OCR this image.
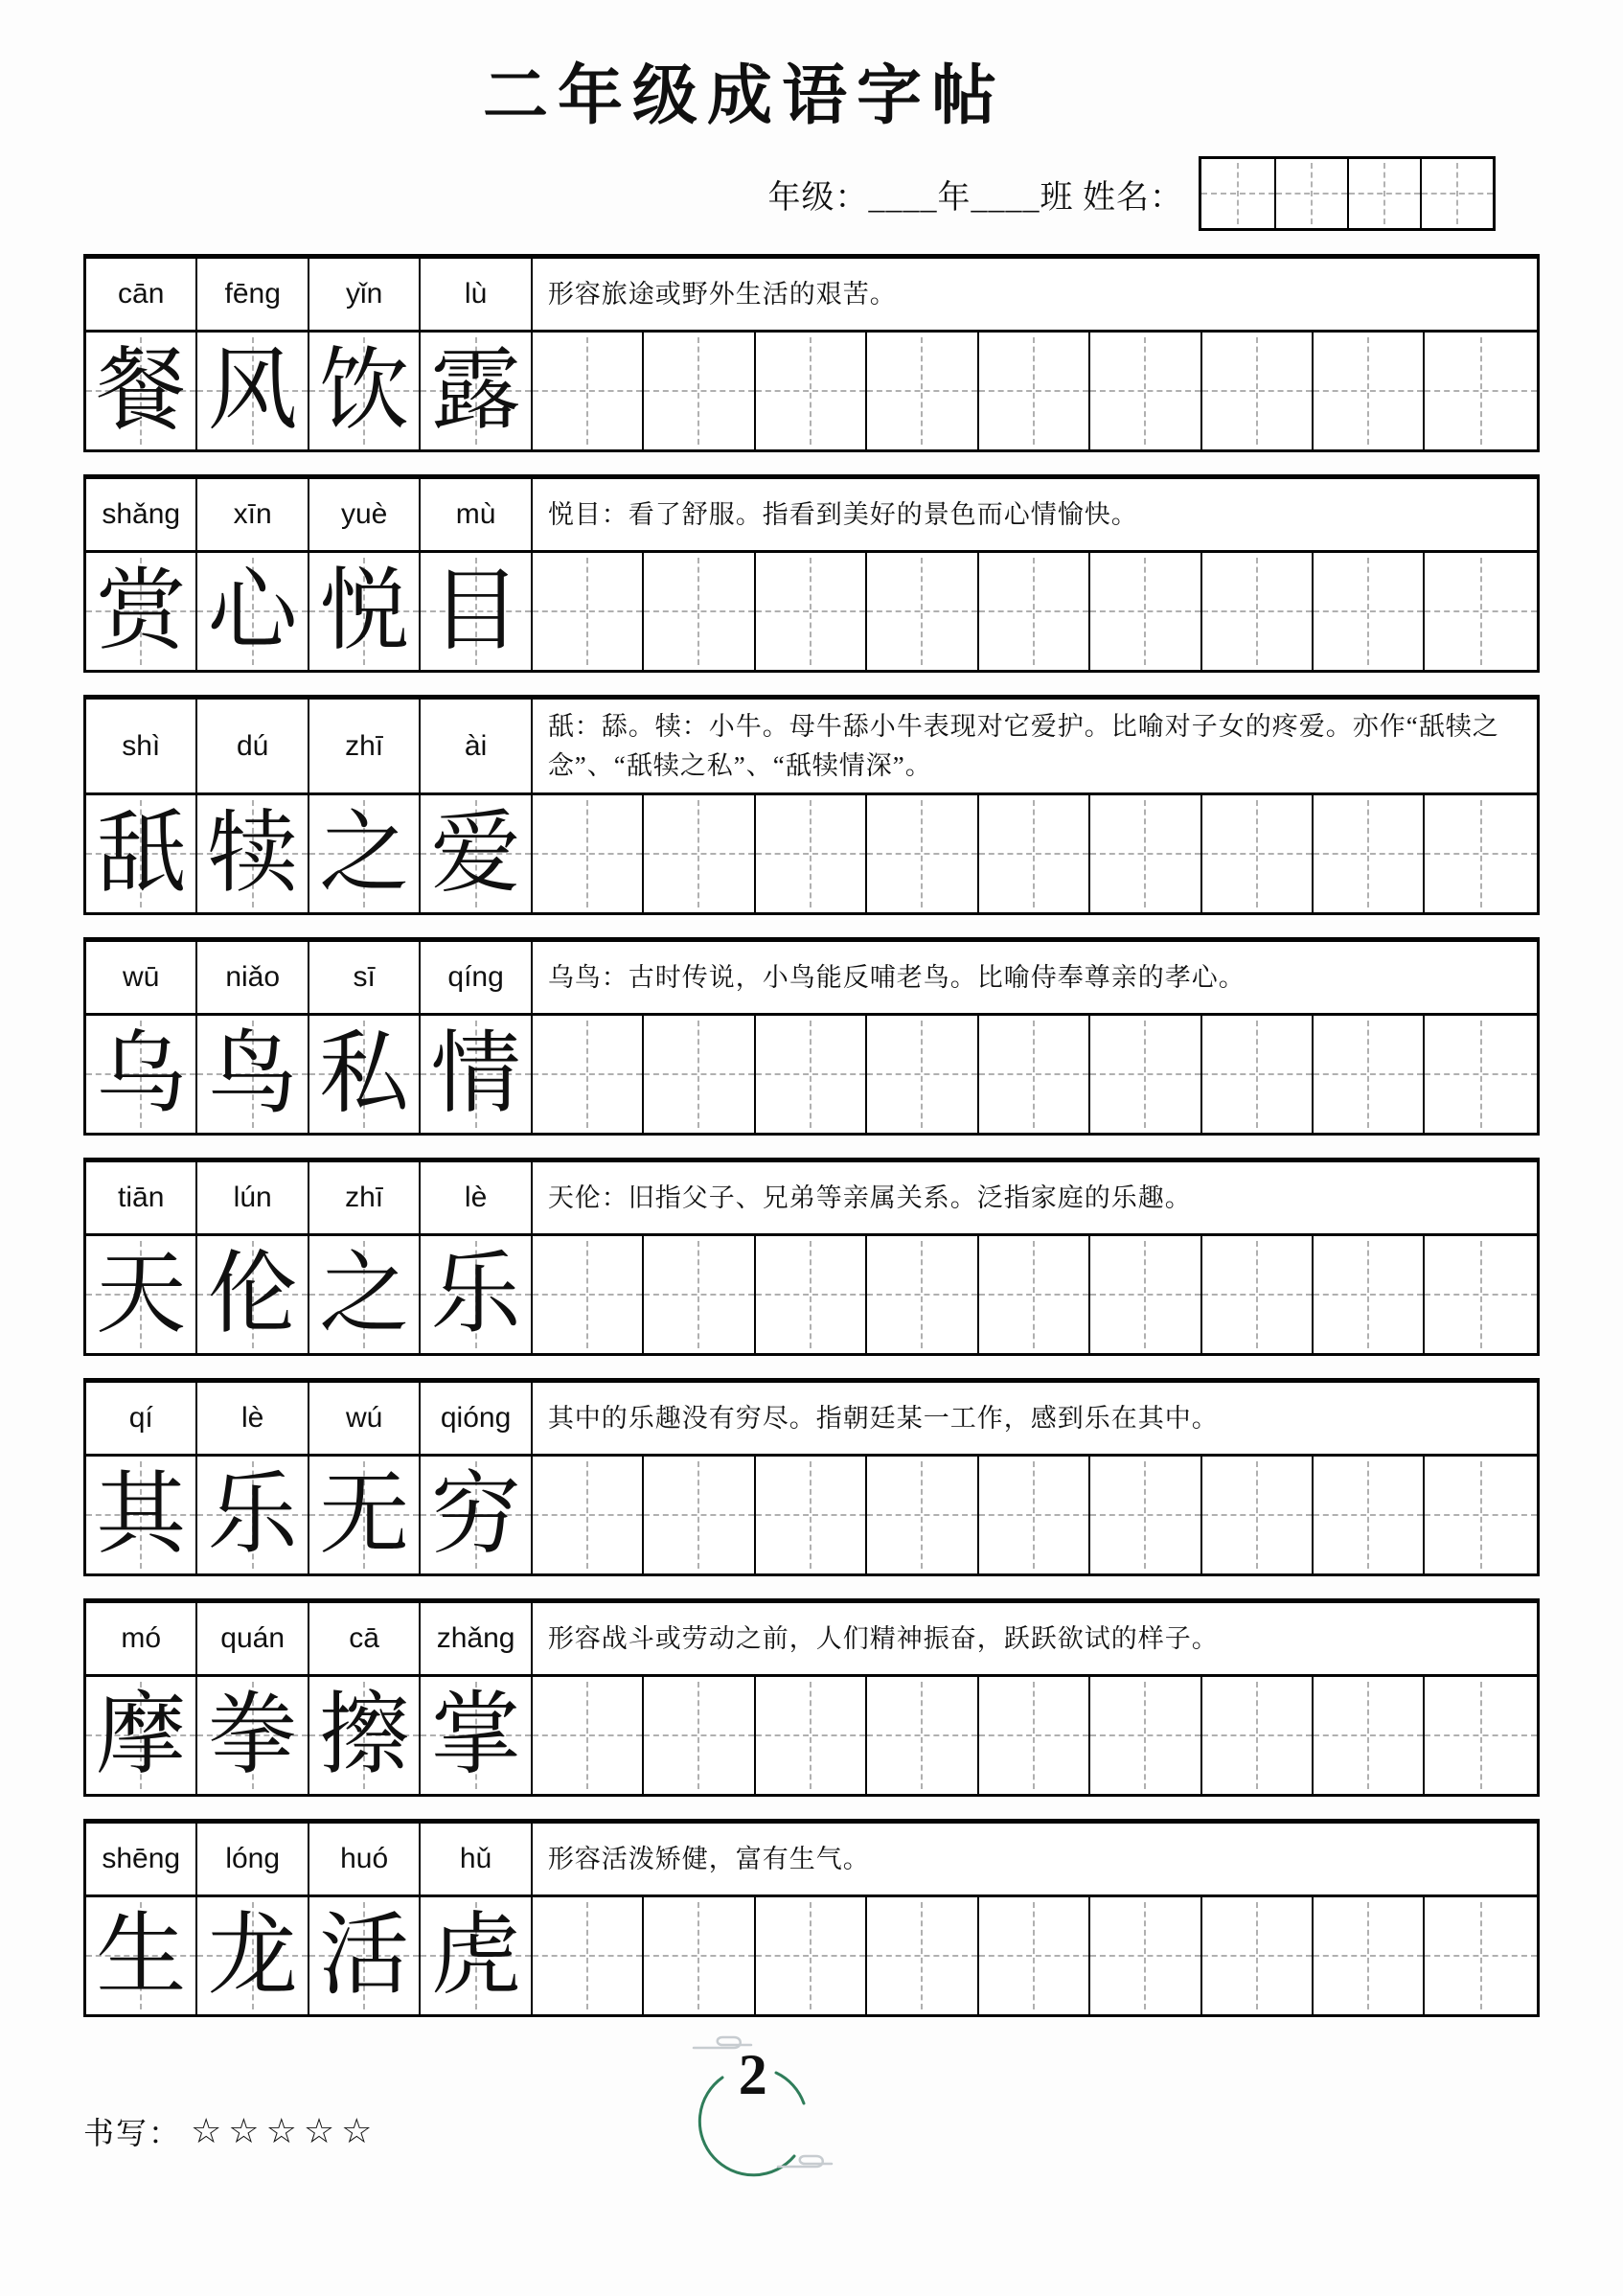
二年级成语字帖
年级：____年____班 姓名：
cān	fēng	yǐn	lù	形容旅途或野外生活的艰苦。
餐 风 饮 露
shǎng	xīn	yuè	mù	悦目：看了舒服。指看到美好的景色而心情愉快。
赏 心 悦 目
shì	dú	zhī	ài
舐：舔。犊：小牛。母牛舔小牛表现对它爱护。比喻对子女的疼爱。亦作“舐犊之念”、“舐犊之私”、“舐犊情深”。
舐 犊 之 爱
wū	niǎo	sī	qíng	乌鸟：古时传说，小鸟能反哺老鸟。比喻侍奉尊亲的孝心。
乌 鸟 私 情
tiān	lún	zhī	lè	天伦：旧指父子、兄弟等亲属关系。泛指家庭的乐趣。
天 伦 之 乐
qí	lè	wú	qióng	其中的乐趣没有穷尽。指朝廷某一工作，感到乐在其中。
其 乐 无 穷
mó	quán	cā	zhǎng	形容战斗或劳动之前，人们精神振奋，跃跃欲试的样子。
摩 拳 擦 掌
shēng	lóng	huó	hǔ	形容活泼矫健，富有生气。
生 龙 活 虎
书写： ☆☆☆☆☆
2
